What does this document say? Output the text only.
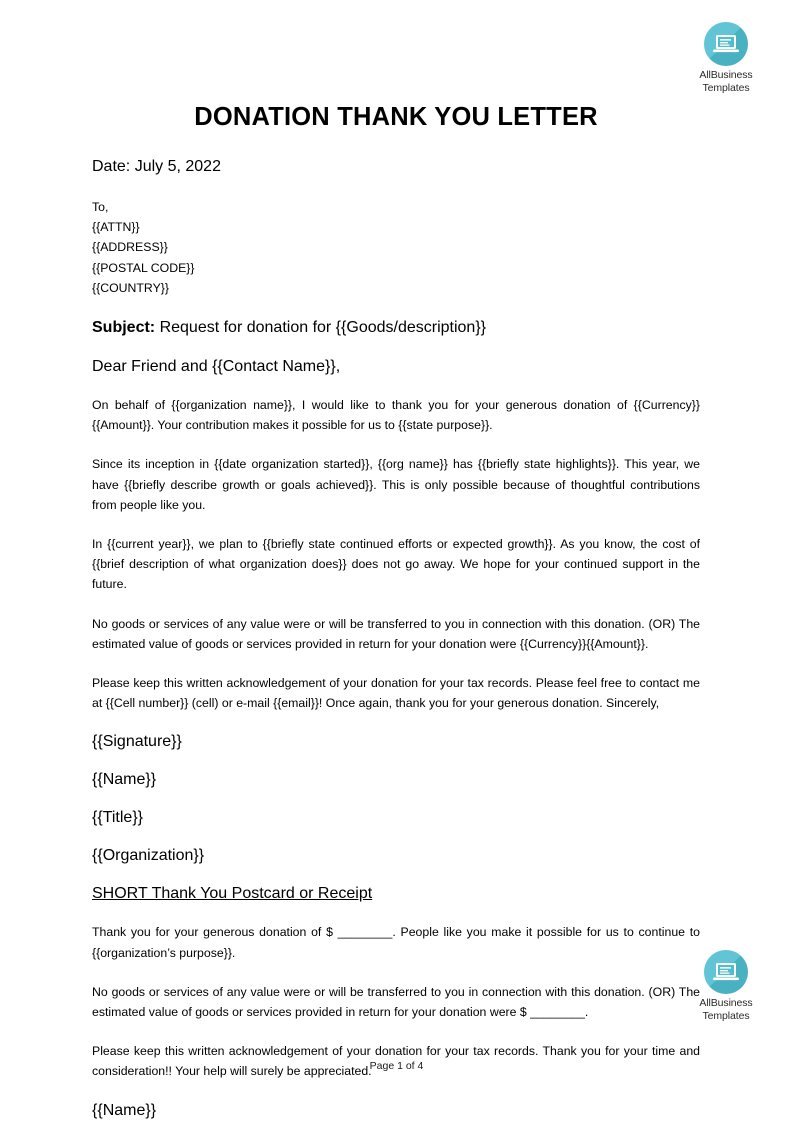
AllBusiness
Templates
AllBusiness
Templates
DONATION THANK YOU LETTER
Date: July 5, 2022
To,
{{ATTN}}
{{ADDRESS}}
{{POSTAL CODE}}
{{COUNTRY}}
Subject: Request for donation for {{Goods/description}}
Dear Friend and {{Contact Name}},

On behalf of {{organization name}}, I would like to thank you for your generous donation of {{Currency}}{{Amount}}. Your contribution makes it possible for us to {{state purpose}}.

Since its inception in {{date organization started}}, {{org name}} has {{briefly state highlights}}. This year, we have {{briefly describe growth or goals achieved}}. This is only possible because of thoughtful contributions from people like you.

In {{current year}}, we plan to {{briefly state continued efforts or expected growth}}. As you know, the cost of {{brief description of what organization does}} does not go away. We hope for your continued support in the future.

No goods or services of any value were or will be transferred to you in connection with this donation. (OR) The estimated value of goods or services provided in return for your donation were {{Currency}}{{Amount}}.

Please keep this written acknowledgement of your donation for your tax records. Please feel free to contact me at {{Cell number}} (cell) or e-mail {{email}}! Once again, thank you for your generous donation. Sincerely,

{{Signature}}
{{Name}}
{{Title}}
{{Organization}}
SHORT Thank You Postcard or Receipt

Thank you for your generous donation of $ ________. People like you make it possible for us to continue to {{organization’s purpose}}.

No goods or services of any value were or will be transferred to you in connection with this donation. (OR) The estimated value of goods or services provided in return for your donation were $ ________.

Please keep this written acknowledgement of your donation for your tax records. Thank you for your time and consideration!! Your help will surely be appreciated.

{{Name}}
Page 1 of 4
